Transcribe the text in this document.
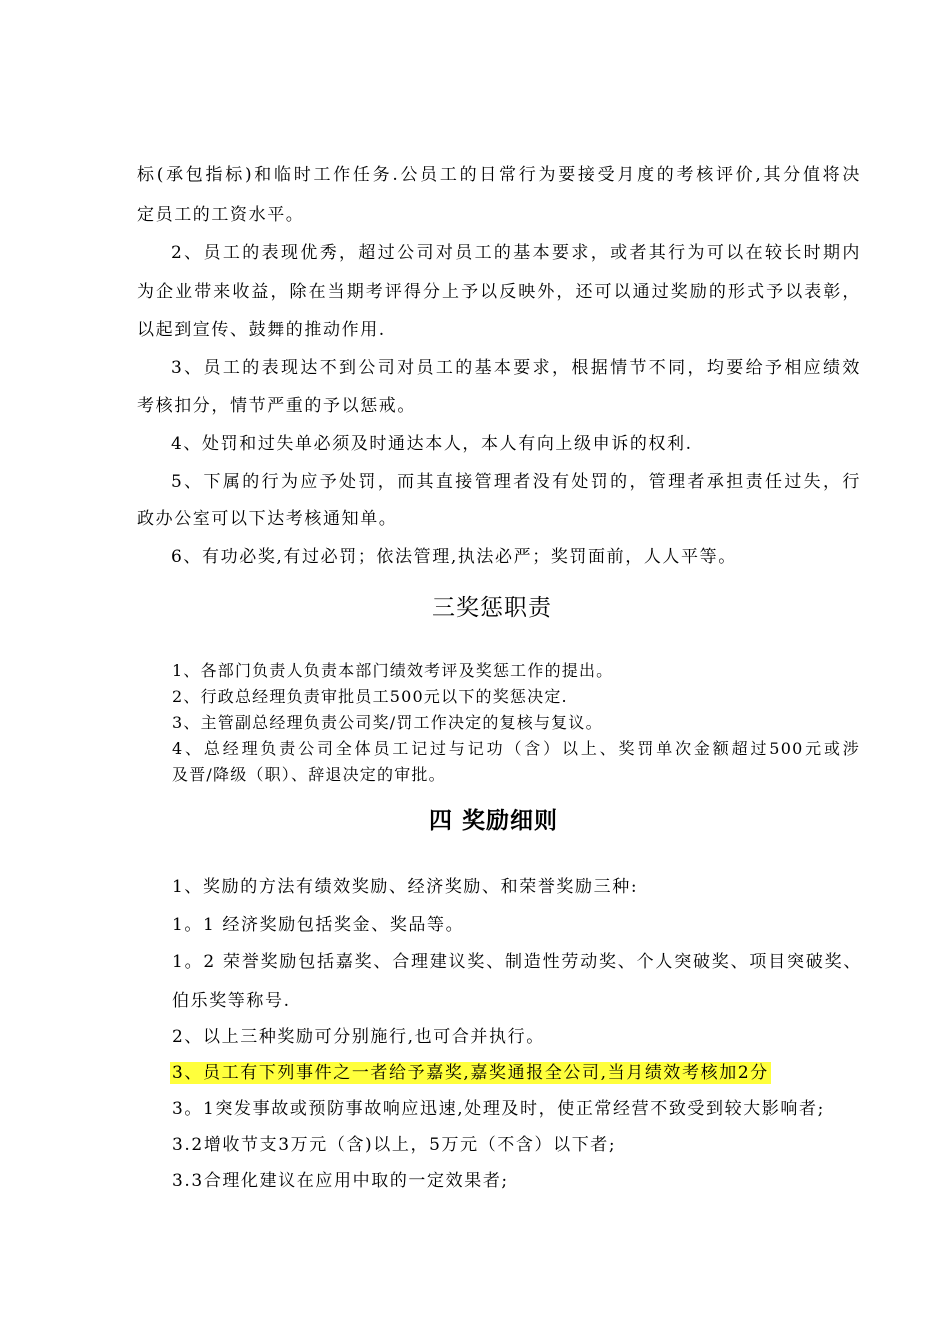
标(承包指标)和临时工作任务.公员工的日常行为要接受月度的考核评价,其分值将决
定员工的工资水平。
2、员工的表现优秀，超过公司对员工的基本要求，或者其行为可以在较长时期内
为企业带来收益，除在当期考评得分上予以反映外，还可以通过奖励的形式予以表彰，
以起到宣传、鼓舞的推动作用.
3、员工的表现达不到公司对员工的基本要求，根据情节不同，均要给予相应绩效
考核扣分，情节严重的予以惩戒。
4、处罚和过失单必须及时通达本人，本人有向上级申诉的权利.
5、下属的行为应予处罚，而其直接管理者没有处罚的，管理者承担责任过失，行
政办公室可以下达考核通知单。
6、有功必奖,有过必罚；依法管理,执法必严；奖罚面前，人人平等。
三奖惩职责
1、各部门负责人负责本部门绩效考评及奖惩工作的提出。
2、行政总经理负责审批员工500元以下的奖惩决定.
3、主管副总经理负责公司奖/罚工作决定的复核与复议。
4、总经理负责公司全体员工记过与记功（含）以上、奖罚单次金额超过500元或涉
及晋/降级（职）、辞退决定的审批。
四 奖励细则
1、奖励的方法有绩效奖励、经济奖励、和荣誉奖励三种:
1。1 经济奖励包括奖金、奖品等。
1。2 荣誉奖励包括嘉奖、合理建议奖、制造性劳动奖、个人突破奖、项目突破奖、
伯乐奖等称号.
2、以上三种奖励可分别施行,也可合并执行。
3、员工有下列事件之一者给予嘉奖,嘉奖通报全公司,当月绩效考核加2分
3。1突发事故或预防事故响应迅速,处理及时，使正常经营不致受到较大影响者;
3.2增收节支3万元（含)以上，5万元（不含）以下者;
3.3合理化建议在应用中取的一定效果者;
